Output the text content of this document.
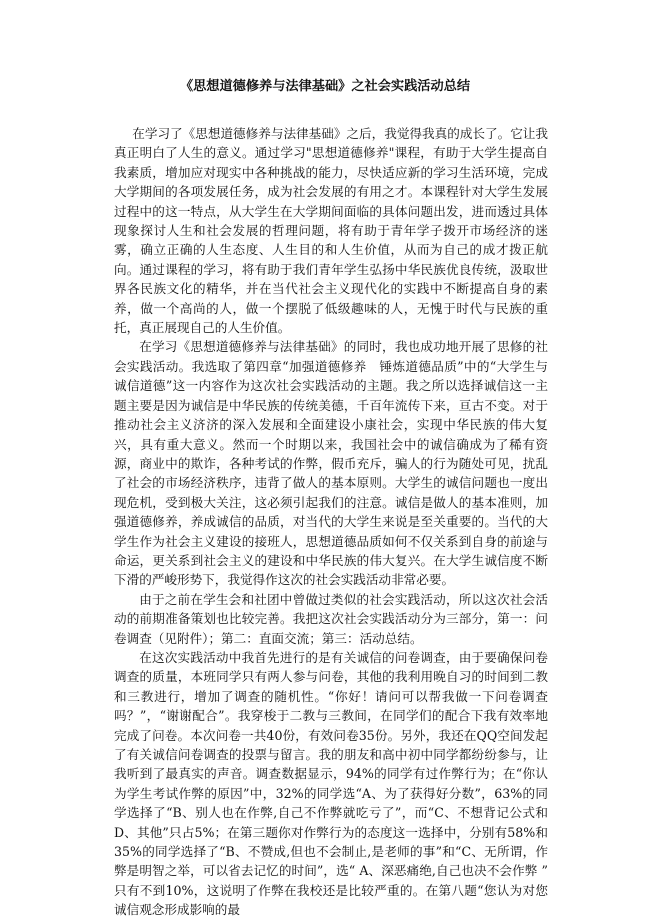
《思想道德修养与法律基础》之社会实践活动总结

在学习了《思想道德修养与法律基础》之后，我觉得我真的成长了。它让我真正明白了人生的意义。通过学习"思想道德修养"课程，有助于大学生提高自我素质，增加应对现实中各种挑战的能力，尽快适应新的学习生活环境，完成大学期间的各项发展任务，成为社会发展的有用之才。本课程针对大学生发展过程中的这一特点，从大学生在大学期间面临的具体问题出发，进而透过具体现象探讨人生和社会发展的哲理问题，将有助于青年学子拨开市场经济的迷雾，确立正确的人生态度、人生目的和人生价值，从而为自己的成才拨正航向。通过课程的学习，将有助于我们青年学生弘扬中华民族优良传统，汲取世界各民族文化的精华，并在当代社会主义现代化的实践中不断提高自身的素养，做一个高尚的人，做一个摆脱了低级趣味的人，无愧于时代与民族的重托，真正展现自己的人生价值。

在学习《思想道德修养与法律基础》的同时，我也成功地开展了思修的社会实践活动。我选取了第四章“加强道德修养　锤炼道德品质”中的“大学生与诚信道德”这一内容作为这次社会实践活动的主题。我之所以选择诚信这一主题主要是因为诚信是中华民族的传统美德，千百年流传下来，亘古不变。对于推动社会主义济济的深入发展和全面建设小康社会，实现中华民族的伟大复兴，具有重大意义。然而一个时期以来，我国社会中的诚信确成为了稀有资源，商业中的欺诈，各种考试的作弊，假币充斥，骗人的行为随处可见，扰乱了社会的市场经济秩序，违背了做人的基本原则。大学生的诚信问题也一度出现危机，受到极大关注，这必须引起我们的注意。诚信是做人的基本准则，加强道德修养，养成诚信的品质，对当代的大学生来说是至关重要的。当代的大学生作为社会主义建设的接班人，思想道德品质如何不仅关系到自身的前途与命运，更关系到社会主义的建设和中华民族的伟大复兴。在大学生诚信度不断下滑的严峻形势下，我觉得作这次的社会实践活动非常必要。

由于之前在学生会和社团中曾做过类似的社会实践活动，所以这次社会活动的前期准备策划也比较完善。我把这次社会实践活动分为三部分，第一：问卷调查（见附件）；第二：直面交流；第三：活动总结。

在这次实践活动中我首先进行的是有关诚信的问卷调查，由于要确保问卷调查的质量，本班同学只有两人参与问卷，其他的我利用晚自习的时间到二教和三教进行，增加了调查的随机性。“你好！请问可以帮我做一下问卷调查吗？”，“谢谢配合”。我穿梭于二教与三教间，在同学们的配合下我有效率地完成了问卷。本次问卷一共40份，有效问卷35份。另外，我还在QQ空间发起了有关诚信问卷调查的投票与留言。我的朋友和高中初中同学都纷纷参与，让我听到了最真实的声音。调查数据显示，94%的同学有过作弊行为；在“你认为学生考试作弊的原因”中，32%的同学选“A、为了获得好分数”，63%的同学选择了“B、别人也在作弊,自己不作弊就吃亏了”，而“C、不想背记公式和D、其他”只占5%；在第三题你对作弊行为的态度这一选择中，分别有58%和35%的同学选择了“B、不赞成,但也不会制止,是老师的事”和“C、无所谓，作弊是明智之举，可以省去记忆的时间”，选“ A、深恶痛绝,自己也决不会作弊 ” 只有不到10%，这说明了作弊在我校还是比较严重的。在第八题“您认为对您诚信观念形成影响的最
